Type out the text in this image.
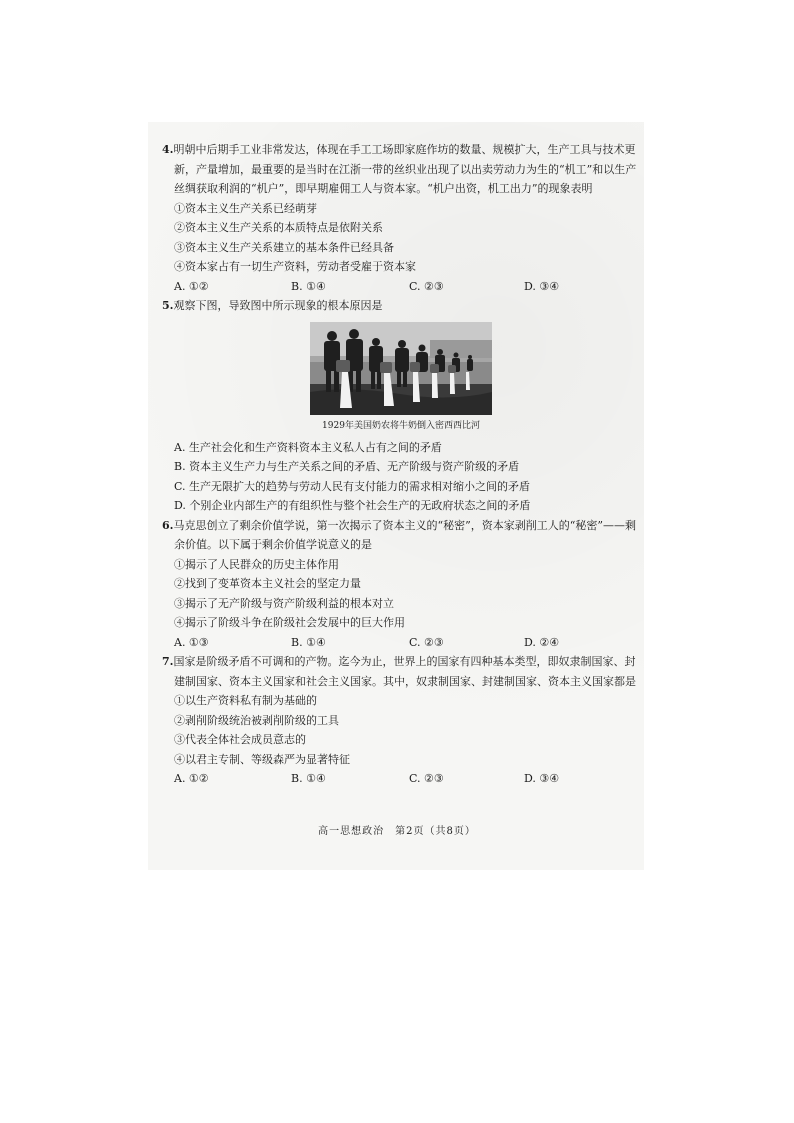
4.明朝中后期手工业非常发达，体现在手工工场即家庭作坊的数量、规模扩大，生产工具与技术更新，产量增加，最重要的是当时在江浙一带的丝织业出现了以出卖劳动力为生的“机工”和以生产丝绸获取利润的“机户”，即早期雇佣工人与资本家。“机户出资，机工出力”的现象表明

①资本主义生产关系已经萌芽

②资本主义生产关系的本质特点是依附关系

③资本主义生产关系建立的基本条件已经具备

④资本家占有一切生产资料，劳动者受雇于资本家

A. ①②	B. ①④	C. ②③	D. ③④

5.观察下图，导致图中所示现象的根本原因是

1929年美国奶农将牛奶倒入密西西比河

A. 生产社会化和生产资料资本主义私人占有之间的矛盾

B. 资本主义生产力与生产关系之间的矛盾、无产阶级与资产阶级的矛盾

C. 生产无限扩大的趋势与劳动人民有支付能力的需求相对缩小之间的矛盾

D. 个别企业内部生产的有组织性与整个社会生产的无政府状态之间的矛盾

6.马克思创立了剩余价值学说，第一次揭示了资本主义的“秘密”，资本家剥削工人的“秘密”——剩余价值。以下属于剩余价值学说意义的是

①揭示了人民群众的历史主体作用

②找到了变革资本主义社会的坚定力量

③揭示了无产阶级与资产阶级利益的根本对立

④揭示了阶级斗争在阶级社会发展中的巨大作用

A. ①③	B. ①④	C. ②③	D. ②④

7.国家是阶级矛盾不可调和的产物。迄今为止，世界上的国家有四种基本类型，即奴隶制国家、封建制国家、资本主义国家和社会主义国家。其中，奴隶制国家、封建制国家、资本主义国家都是

①以生产资料私有制为基础的

②剥削阶级统治被剥削阶级的工具

③代表全体社会成员意志的

④以君主专制、等级森严为显著特征

A. ①②	B. ①④	C. ②③	D. ③④
高一思想政治　第2页（共8页）
